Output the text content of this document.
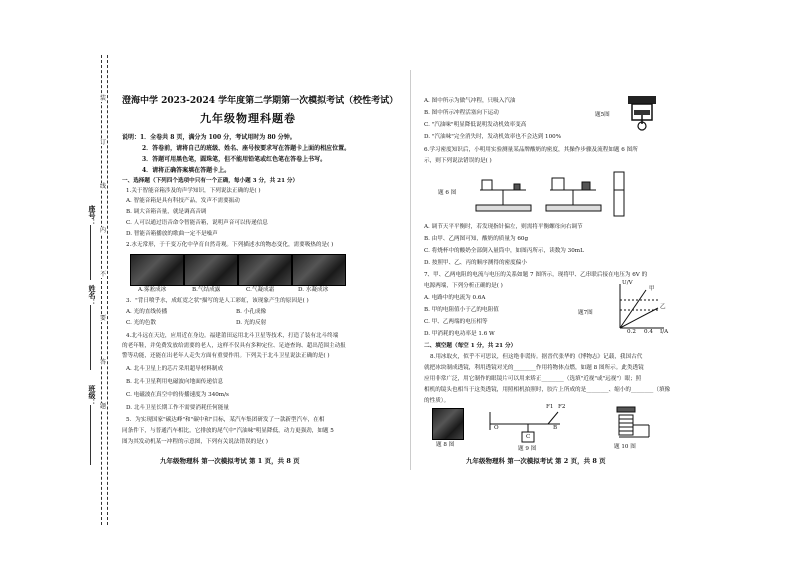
座号：
姓名：
班级：
装
订
线
内
不
要
答
题
澄海中学 2023-2024 学年度第二学期第一次模拟考试（校性考试）
九年级物理科题卷
说明：1．全卷共 8 页，满分为 100 分，考试用时为 80 分钟。
2．答卷前，请将自己的班级、姓名、座号按要求写在答题卡上面的相应位置。
3．答题可用黑色笔，圆珠笔，但不能用铅笔或红色笔在答卷上书写。
4．请将正确答案填在答题卡上。
一、选择题（下列四个选项中只有一个正确，每小题 3 分，共 21 分）
1.关于智能音箱涉及的声学知识，下列说法正确的是( )
A. 智能音箱是具有科技产品，发声不需要振动
B. 调大音箱音量，就是调高音调
C. 人可以通过语音命令智能音箱，说明声音可以传递信息
D. 智能音箱播放的歌曲一定不是噪声
2.水无常形，于千变万化中孕育自然奇观。下列描述水的物态变化，需要吸热的是( )
A.雾凇成冰	B.气结成露	C.气凝成霜	D. 水凝成冰
3．"背日喷乎水，成虹霓之状"描写的是人工彩虹，该现象产生的原因是( )
A. 光的直线传播	B. 小孔成像
C. 光的色散	D. 光的反射
4.北斗远在天边，应用近在身边。福建莆田运用北斗卫星等技术，打造了装有北斗终端
的老年鞋，并免费发放给需要的老人，这样不仅具有多种定位、足迹查询、超出范围主动报
警等功能，还能在出老年人走失方面有重要作用。下列关于北斗卫星说法正确的是( )
A. 北斗卫星上的芯片采用超导材料制成
B. 北斗卫星利用电磁波向地面传递信息
C. 电磁波在真空中的传播速度为 340m/s
D. 北斗卫星长期工作不需要消耗任何能量
5．为实现国家"碳达峰"和"碳中和"目标，某汽车集团研发了一款新型汽车，在相
同条件下，与普通汽车相比，它排放的尾气中"汽油味"明显降低，动力更强劲，如题 5
图为其发动机某一冲程的示意图，下列有关说法错误的是( )
九年级物理科 第一次模拟考试 第 1 页，共 8 页
A. 图中所示为做气冲程，只吸入汽油
B. 图中所示冲程活塞向下运动
C. "汽油味"明显降低说明发动机效率变高
D. "汽油味"完全消失时，发动机效率也不会达到 100%
题5图
6.学习密度知识后，小明用实验测量某品牌酸奶的密度，其操作步骤及流程如题 6 图所
示，则下列说法错误的是( )
题 6 图
A. 调节天平平衡时，若发现指针偏左，则需将平衡螺母向右调节
B. 由甲、乙两图可知，酸奶的质量为 60g
C. 将烧杯中的酸奶全部倒入量筒中，如图丙所示，读数为 30mL
D. 按照甲、乙、丙的顺序测得的密度偏小
7、甲、乙两电阻的电流与电压的关系如题 7 图所示，现将甲、乙串联后接在电压为 6V 的
电源两端，下列分析正确的是( )
A. 电路中的电流为 0.6A
B. 甲的电阻值小于乙的电阻值
C. 甲、乙两端的电压相等
D. 甲消耗的电功率是 1.6 W
题7图
U/V
I/A
0.2 0.4
甲
乙
二、填空题（每空 1 分，共 21 分）
8.用冰取火，似乎不可思议，但这绝非谎传。据晋代张华的《博物志》记载，我国古代
就把冰块制成透镜，利用透镜对光的________作用将物体点燃，如题 8 图所示。此类透镜
应用非常广泛，用它制作的眼镜片可以用来矫正________（选填"近视"或"远视"）眼；照
相机的镜头也相当于这类透镜，用照相机拍照时，胶片上所成的是________、缩小的________（填像
的性质）。
题 8 图
F1 F2
O	B
C
题 9 图	题 10 图
九年级物理科 第一次模拟考试 第 2 页，共 8 页
